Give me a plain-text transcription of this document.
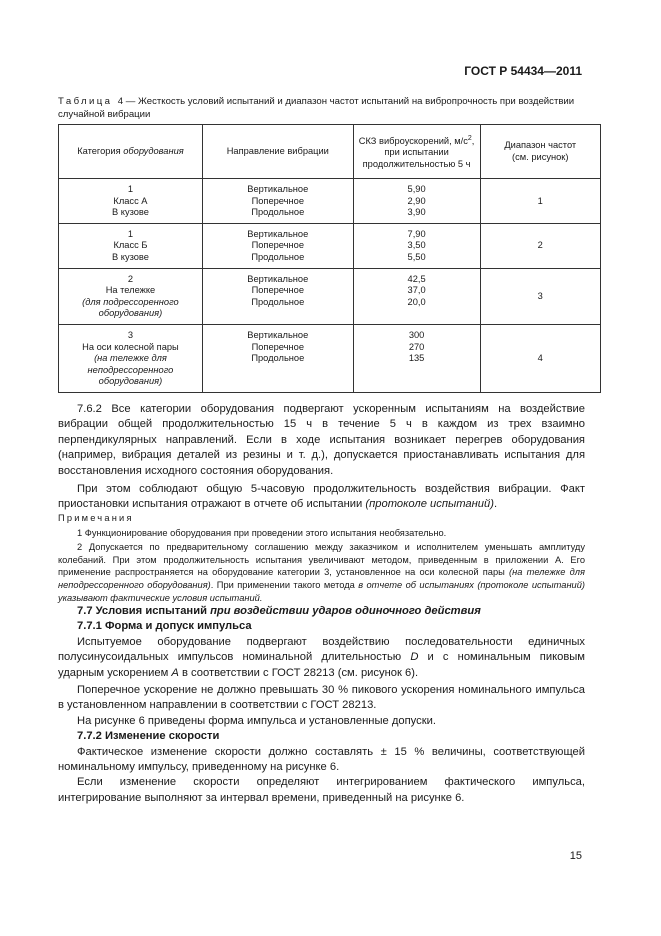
ГОСТ Р 54434—2011
Таблица 4 — Жесткость условий испытаний и диапазон частот испытаний на вибропрочность при воздействии случайной вибрации
Категория оборудования	Направление вибрации	СКЗ виброускорений, $м/с^2$,
при испытании
продолжительностью 5 ч	Диапазон частот
(см. рисунок)
1
Класс А
В кузове	Вертикальное
Поперечное
Продольное	5,90
2,90
3,90	1
1
Класс Б
В кузове	Вертикальное
Поперечное
Продольное	7,90
3,50
5,50	2
2
На тележке
(для подрессоренного
оборудования)	Вертикальное
Поперечное
Продольное	42,5
37,0
20,0	3
3
На оси колесной пары
(на тележке для
неподрессоренного
оборудования)	Вертикальное
Поперечное
Продольное	300
270
135	4

7.6.2 Все категории оборудования подвергают ускоренным испытаниям на воздействие вибрации общей продолжительностью 15 ч в течение 5 ч в каждом из трех взаимно перпендикулярных направлений. Если в ходе испытания возникает перегрев оборудования (например, вибрация деталей из резины и т. д.), допускается приостанавливать испытания для восстановления исходного состояния оборудования.

При этом соблюдают общую 5-часовую продолжительность воздействия вибрации. Факт приостановки испытания отражают в отчете об испытании (протоколе испытаний).

Примечания

1 Функционирование оборудования при проведении этого испытания необязательно.

2 Допускается по предварительному соглашению между заказчиком и исполнителем уменьшать амплитуду колебаний. При этом продолжительность испытания увеличивают методом, приведенным в приложении А. Его применение распространяется на оборудование категории 3, установленное на оси колесной пары (на тележке для неподрессоренного оборудования). При применении такого метода в отчете об испытаниях (протоколе испытаний) указывают фактические условия испытаний.

7.7 Условия испытаний при воздействии ударов одиночного действия

7.7.1 Форма и допуск импульса

Испытуемое оборудование подвергают воздействию последовательности единичных полусинусоидальных импульсов номинальной длительностью D и с номинальным пиковым ударным ускорением A в соответствии с ГОСТ 28213 (см. рисунок 6).

Поперечное ускорение не должно превышать 30 % пикового ускорения номинального импульса в установленном направлении в соответствии с ГОСТ 28213.

На рисунке 6 приведены форма импульса и установленные допуски.

7.7.2 Изменение скорости

Фактическое изменение скорости должно составлять ± 15 % величины, соответствующей номинальному импульсу, приведенному на рисунке 6.

Если изменение скорости определяют интегрированием фактического импульса, интегрирование выполняют за интервал времени, приведенный на рисунке 6.

15
